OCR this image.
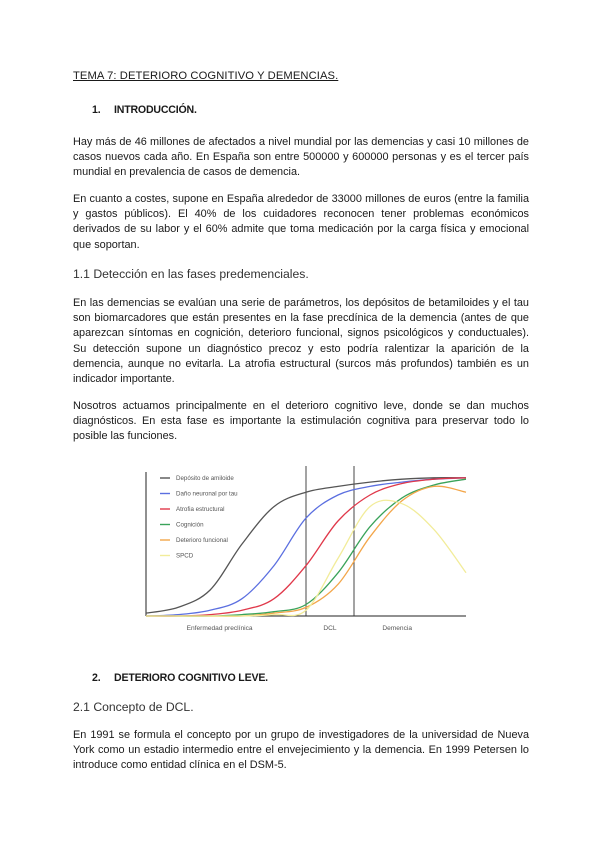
TEMA 7: DETERIORO COGNITIVO Y DEMENCIAS.
1. INTRODUCCIÓN.

Hay más de 46 millones de afectados a nivel mundial por las demencias y casi 10 millones de casos nuevos cada año. En España son entre 500000 y 600000 personas y es el tercer país mundial en prevalencia de casos de demencia.

En cuanto a costes, supone en España alrededor de 33000 millones de euros (entre la familia y gastos públicos). El 40% de los cuidadores reconocen tener problemas económicos derivados de su labor y el 60% admite que toma medicación por la carga física y emocional que soportan.

1.1 Detección en las fases predemenciales.

En las demencias se evalúan una serie de parámetros, los depósitos de betamiloides y el tau son biomarcadores que están presentes en la fase precdínica de la demencia (antes de que aparezcan síntomas en cognición, deterioro funcional, signos psicológicos y conductuales). Su detección supone un diagnóstico precoz y esto podría ralentizar la aparición de la demencia, aunque no evitarla. La atrofia estructural (surcos más profundos) también es un indicador importante.

Nosotros actuamos principalmente en el deterioro cognitivo leve, donde se dan muchos diagnósticos. En esta fase es importante la estimulación cognitiva para preservar todo lo posible las funciones.

Depósito de amiloide
Daño neuronal por tau
Atrofia estructural
Cognición
Deterioro funcional
SPCD
Enfermedad preclínica	DCL	Demencia
2. DETERIORO COGNITIVO LEVE.
2.1 Concepto de DCL.

En 1991 se formula el concepto por un grupo de investigadores de la universidad de Nueva York como un estadio intermedio entre el envejecimiento y la demencia. En 1999 Petersen lo introduce como entidad clínica en el DSM-5.
